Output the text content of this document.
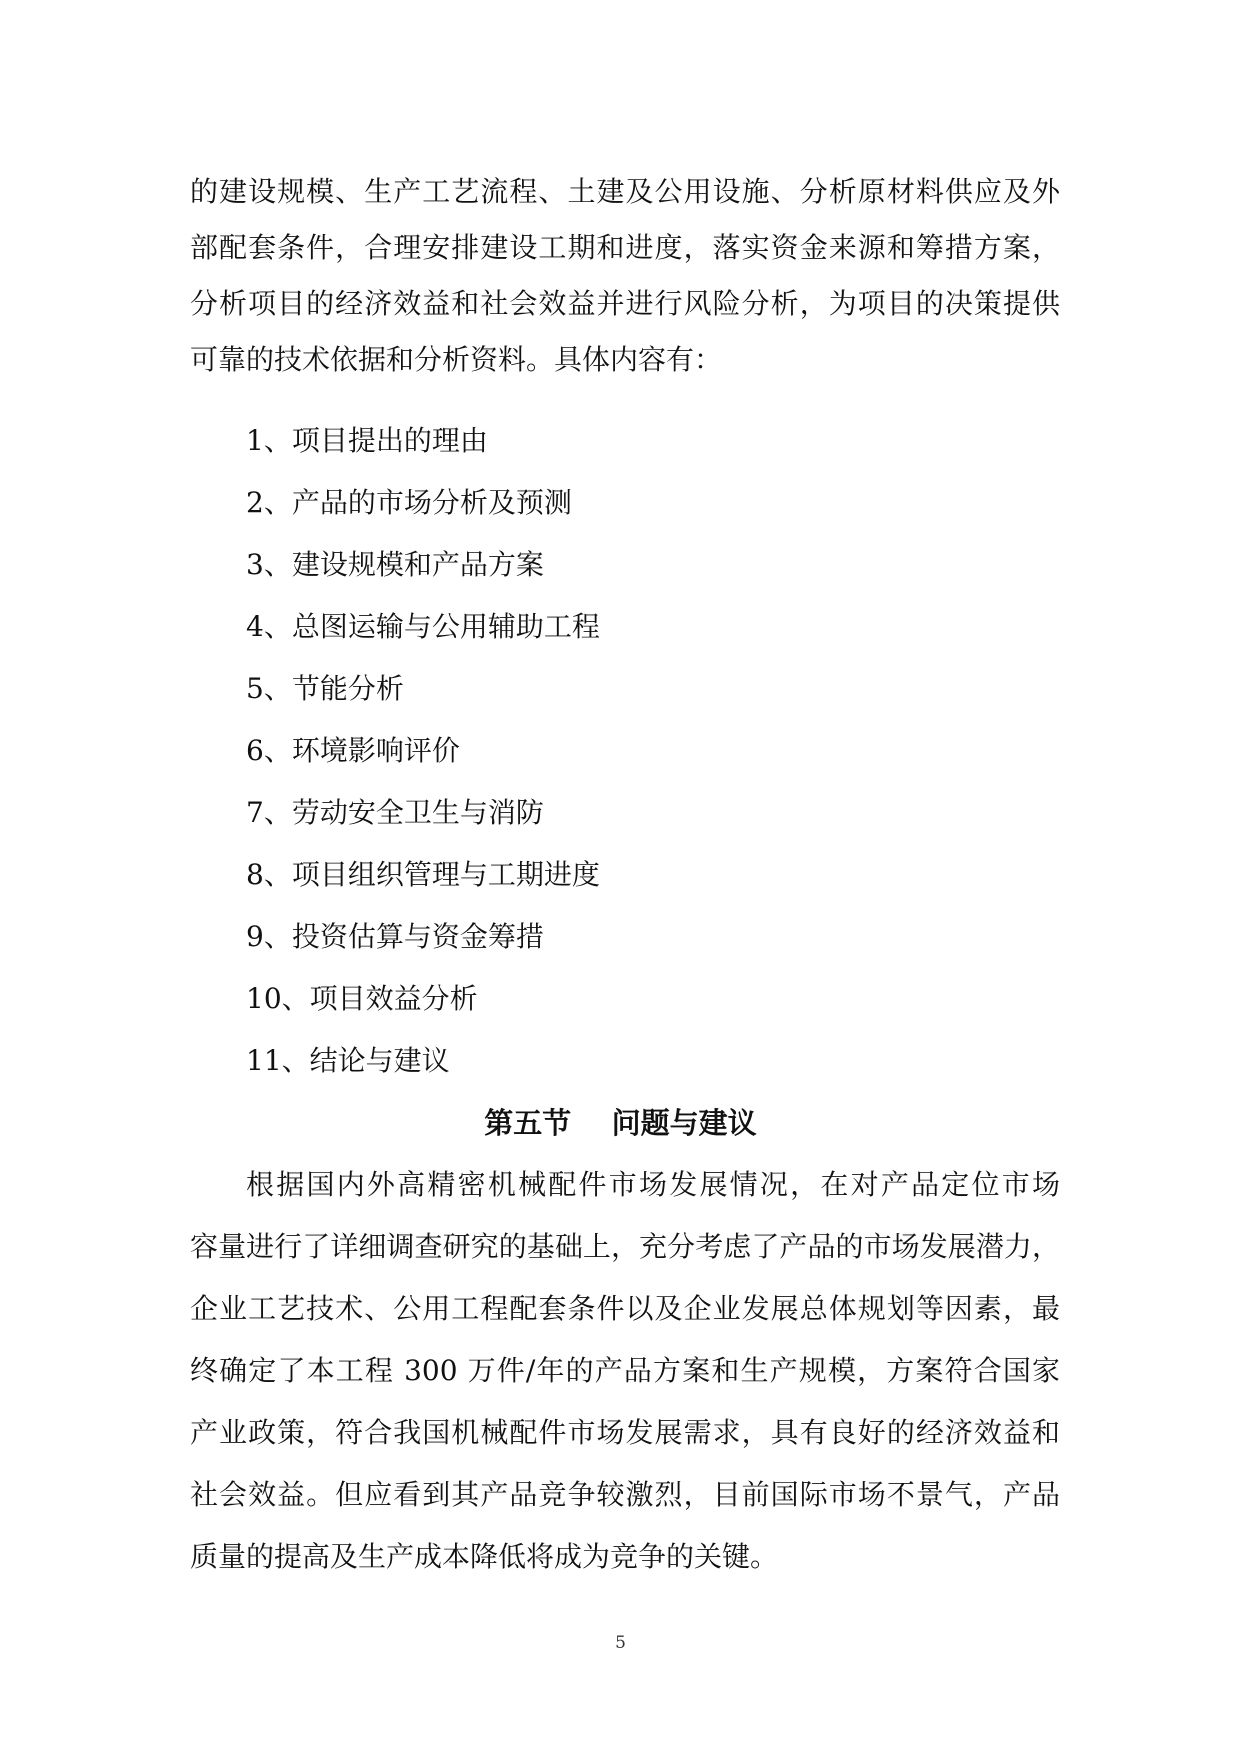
的建设规模、生产工艺流程、土建及公用设施、分析原材料供应及外
部配套条件，合理安排建设工期和进度，落实资金来源和筹措方案，
分析项目的经济效益和社会效益并进行风险分析，为项目的决策提供
可靠的技术依据和分析资料。具体内容有：
1、项目提出的理由
2、产品的市场分析及预测
3、建设规模和产品方案
4、总图运输与公用辅助工程
5、节能分析
6、环境影响评价
7、劳动安全卫生与消防
8、项目组织管理与工期进度
9、投资估算与资金筹措
10、项目效益分析
11、结论与建议
第五节    问题与建议
根据国内外高精密机械配件市场发展情况，在对产品定位市场
容量进行了详细调查研究的基础上，充分考虑了产品的市场发展潜力，
企业工艺技术、公用工程配套条件以及企业发展总体规划等因素，最
终确定了本工程 300 万件/年的产品方案和生产规模，方案符合国家
产业政策，符合我国机械配件市场发展需求，具有良好的经济效益和
社会效益。但应看到其产品竞争较激烈，目前国际市场不景气，产品
质量的提高及生产成本降低将成为竞争的关键。
5
